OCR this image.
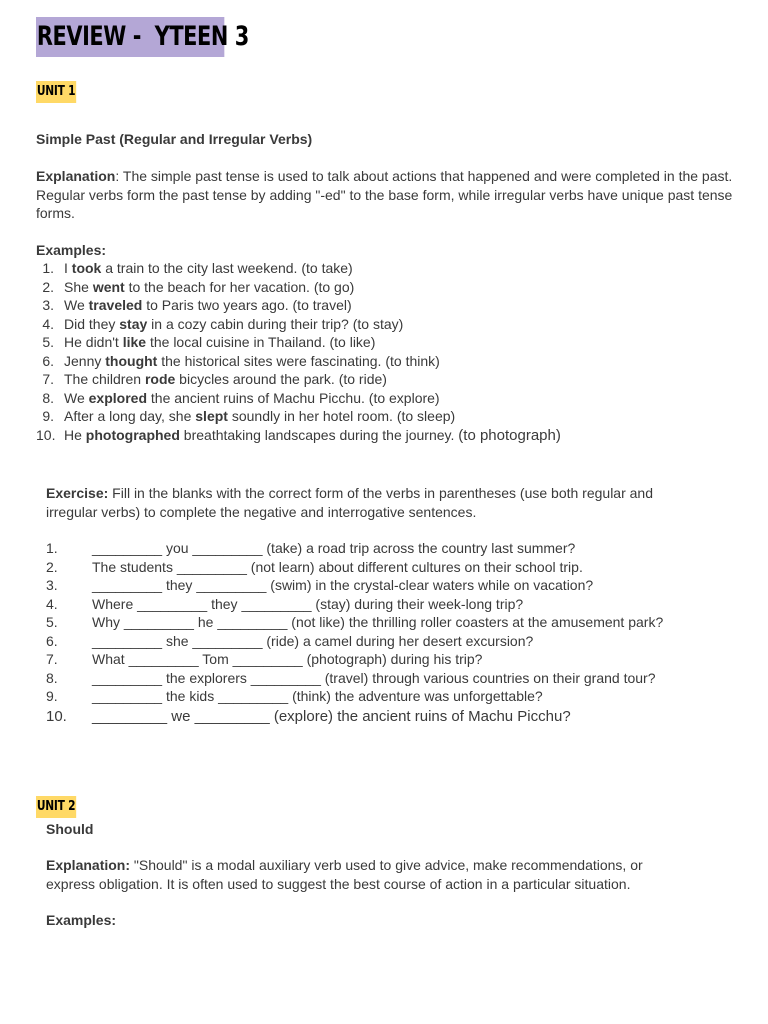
REVIEW -  YTEEN 3
UNIT 1
Simple Past (Regular and Irregular Verbs)
Explanation: The simple past tense is used to talk about actions that happened and were completed in the past. Regular verbs form the past tense by adding "-ed" to the base form, while irregular verbs have unique past tense forms.
Examples:
1. I took a train to the city last weekend. (to take)
2. She went to the beach for her vacation. (to go)
3. We traveled to Paris two years ago. (to travel)
4. Did they stay in a cozy cabin during their trip? (to stay)
5. He didn't like the local cuisine in Thailand. (to like)
6. Jenny thought the historical sites were fascinating. (to think)
7. The children rode bicycles around the park. (to ride)
8. We explored the ancient ruins of Machu Picchu. (to explore)
9. After a long day, she slept soundly in her hotel room. (to sleep)
10. He photographed breathtaking landscapes during the journey. (to photograph)
Exercise: Fill in the blanks with the correct form of the verbs in parentheses (use both regular and irregular verbs) to complete the negative and interrogative sentences.
1. _________ you _________ (take) a road trip across the country last summer?
2. The students _________ (not learn) about different cultures on their school trip.
3. _________ they _________ (swim) in the crystal-clear waters while on vacation?
4. Where _________ they _________ (stay) during their week-long trip?
5. Why _________ he _________ (not like) the thrilling roller coasters at the amusement park?
6. _________ she _________ (ride) a camel during her desert excursion?
7. What _________ Tom _________ (photograph) during his trip?
8. _________ the explorers _________ (travel) through various countries on their grand tour?
9. _________ the kids _________ (think) the adventure was unforgettable?
10. _________ we _________ (explore) the ancient ruins of Machu Picchu?
UNIT 2
Should
Explanation: "Should" is a modal auxiliary verb used to give advice, make recommendations, or express obligation. It is often used to suggest the best course of action in a particular situation.
Examples:
